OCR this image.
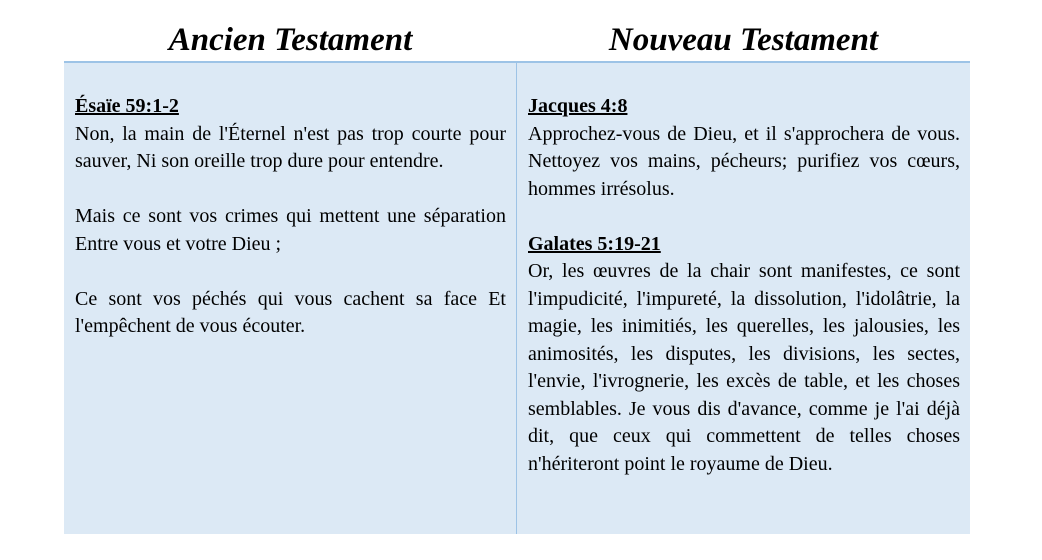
Ancien Testament	Nouveau Testament
Ésaïe 59:1-2
Non, la main de l'Éternel n'est pas trop courte pour sauver, Ni son oreille trop dure pour entendre.
Mais ce sont vos crimes qui mettent une séparation Entre vous et votre Dieu ;
Ce sont vos péchés qui vous cachent sa face Et l'empêchent de vous écouter.
Jacques 4:8
Approchez-vous de Dieu, et il s'approchera de vous. Nettoyez vos mains, pécheurs; purifiez vos cœurs, hommes irrésolus.
Galates 5:19-21
Or, les œuvres de la chair sont manifestes, ce sont l'impudicité, l'impureté, la dissolution, l'idolâtrie, la magie, les inimitiés, les querelles, les jalousies, les animosités, les disputes, les divisions, les sectes, l'envie, l'ivrognerie, les excès de table, et les choses semblables. Je vous dis d'avance, comme je l'ai déjà dit, que ceux qui commettent de telles choses n'hériteront point le royaume de Dieu.
